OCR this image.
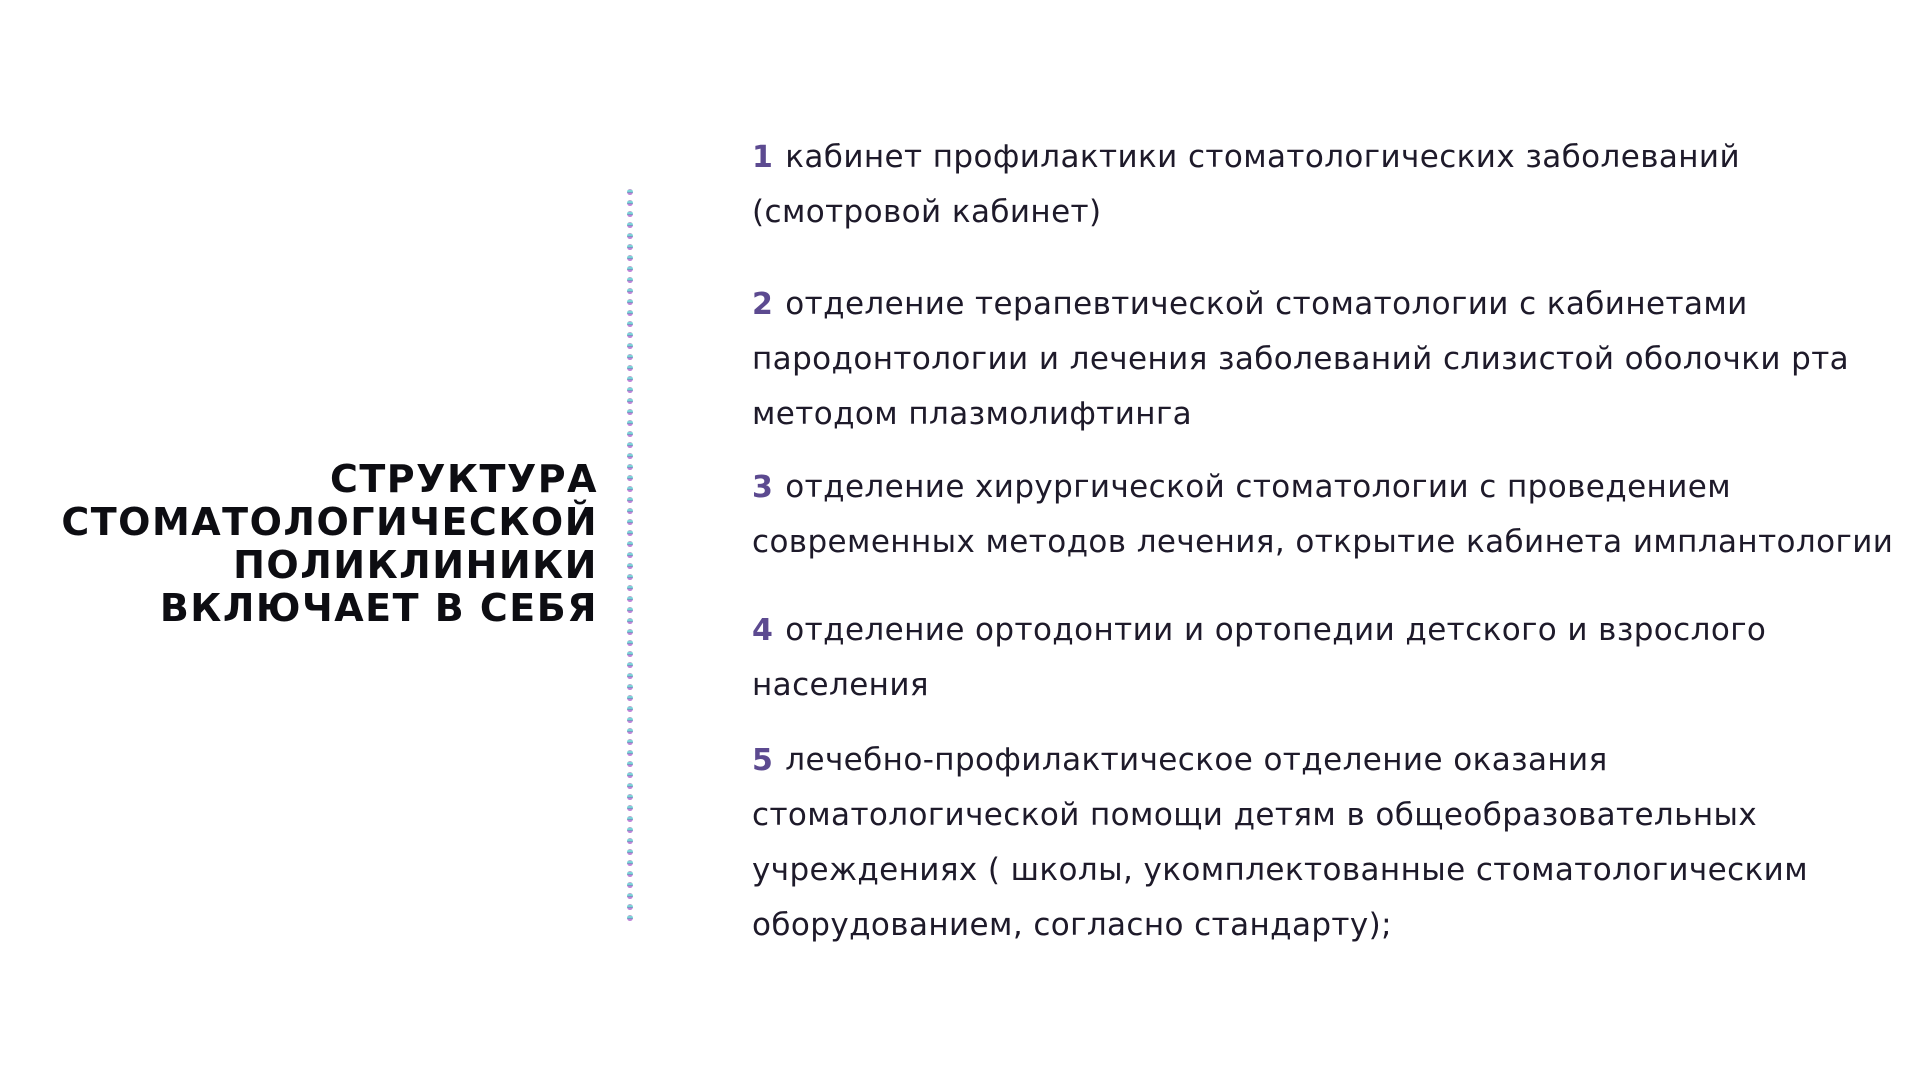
СТРУКТУРА
СТОМАТОЛОГИЧЕСКОЙ
ПОЛИКЛИНИКИ
ВКЛЮЧАЕТ В СЕБЯ
1 кабинет профилактики стоматологических заболеваний
(смотровой кабинет)
2 отделение терапевтической стоматологии с кабинетами
пародонтологии и лечения заболеваний слизистой оболочки рта
методом плазмолифтинга
3 отделение хирургической стоматологии с проведением
современных методов лечения, открытие кабинета имплантологии
4 отделение ортодонтии и ортопедии детского и взрослого
населения
5 лечебно-профилактическое отделение оказания
стоматологической помощи детям в общеобразовательных
учреждениях ( школы, укомплектованные стоматологическим
оборудованием, согласно стандарту);
